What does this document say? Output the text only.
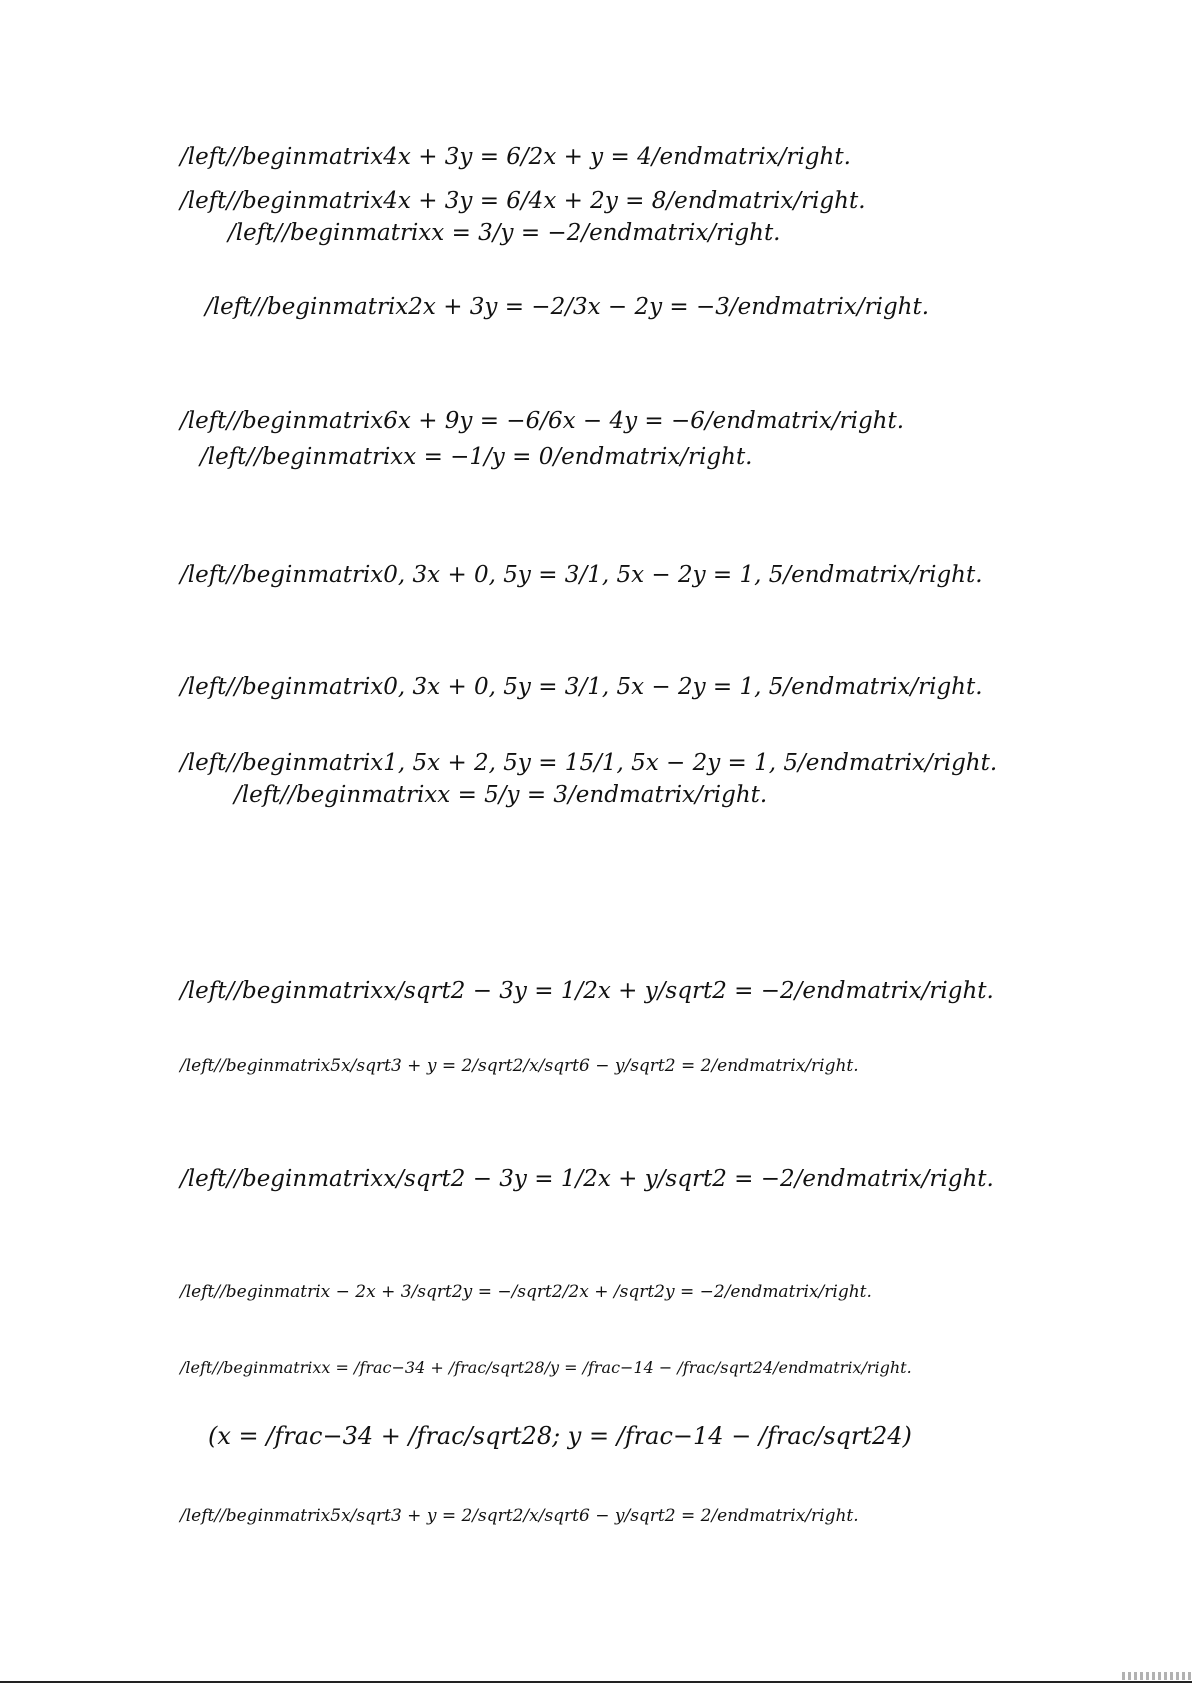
/left//beginmatrix4x + 3y = 6/2x + y = 4/endmatrix/right.
/left//beginmatrix4x + 3y = 6/4x + 2y = 8/endmatrix/right.
/left//beginmatrixx = 3/y = −2/endmatrix/right.
/left//beginmatrix2x + 3y = −2/3x − 2y = −3/endmatrix/right.
/left//beginmatrix6x + 9y = −6/6x − 4y = −6/endmatrix/right.
/left//beginmatrixx = −1/y = 0/endmatrix/right.
/left//beginmatrix0, 3x + 0, 5y = 3/1, 5x − 2y = 1, 5/endmatrix/right.
/left//beginmatrix0, 3x + 0, 5y = 3/1, 5x − 2y = 1, 5/endmatrix/right.
/left//beginmatrix1, 5x + 2, 5y = 15/1, 5x − 2y = 1, 5/endmatrix/right.
/left//beginmatrixx = 5/y = 3/endmatrix/right.
/left//beginmatrixx/sqrt2 − 3y = 1/2x + y/sqrt2 = −2/endmatrix/right.
/left//beginmatrix5x/sqrt3 + y = 2/sqrt2/x/sqrt6 − y/sqrt2 = 2/endmatrix/right.
/left//beginmatrixx/sqrt2 − 3y = 1/2x + y/sqrt2 = −2/endmatrix/right.
/left//beginmatrix − 2x + 3/sqrt2y = −/sqrt2/2x + /sqrt2y = −2/endmatrix/right.
/left//beginmatrixx = /frac−34 + /frac/sqrt28/y = /frac−14 − /frac/sqrt24/endmatrix/right.
(x = /frac−34 + /frac/sqrt28; y = /frac−14 − /frac/sqrt24)
/left//beginmatrix5x/sqrt3 + y = 2/sqrt2/x/sqrt6 − y/sqrt2 = 2/endmatrix/right.
